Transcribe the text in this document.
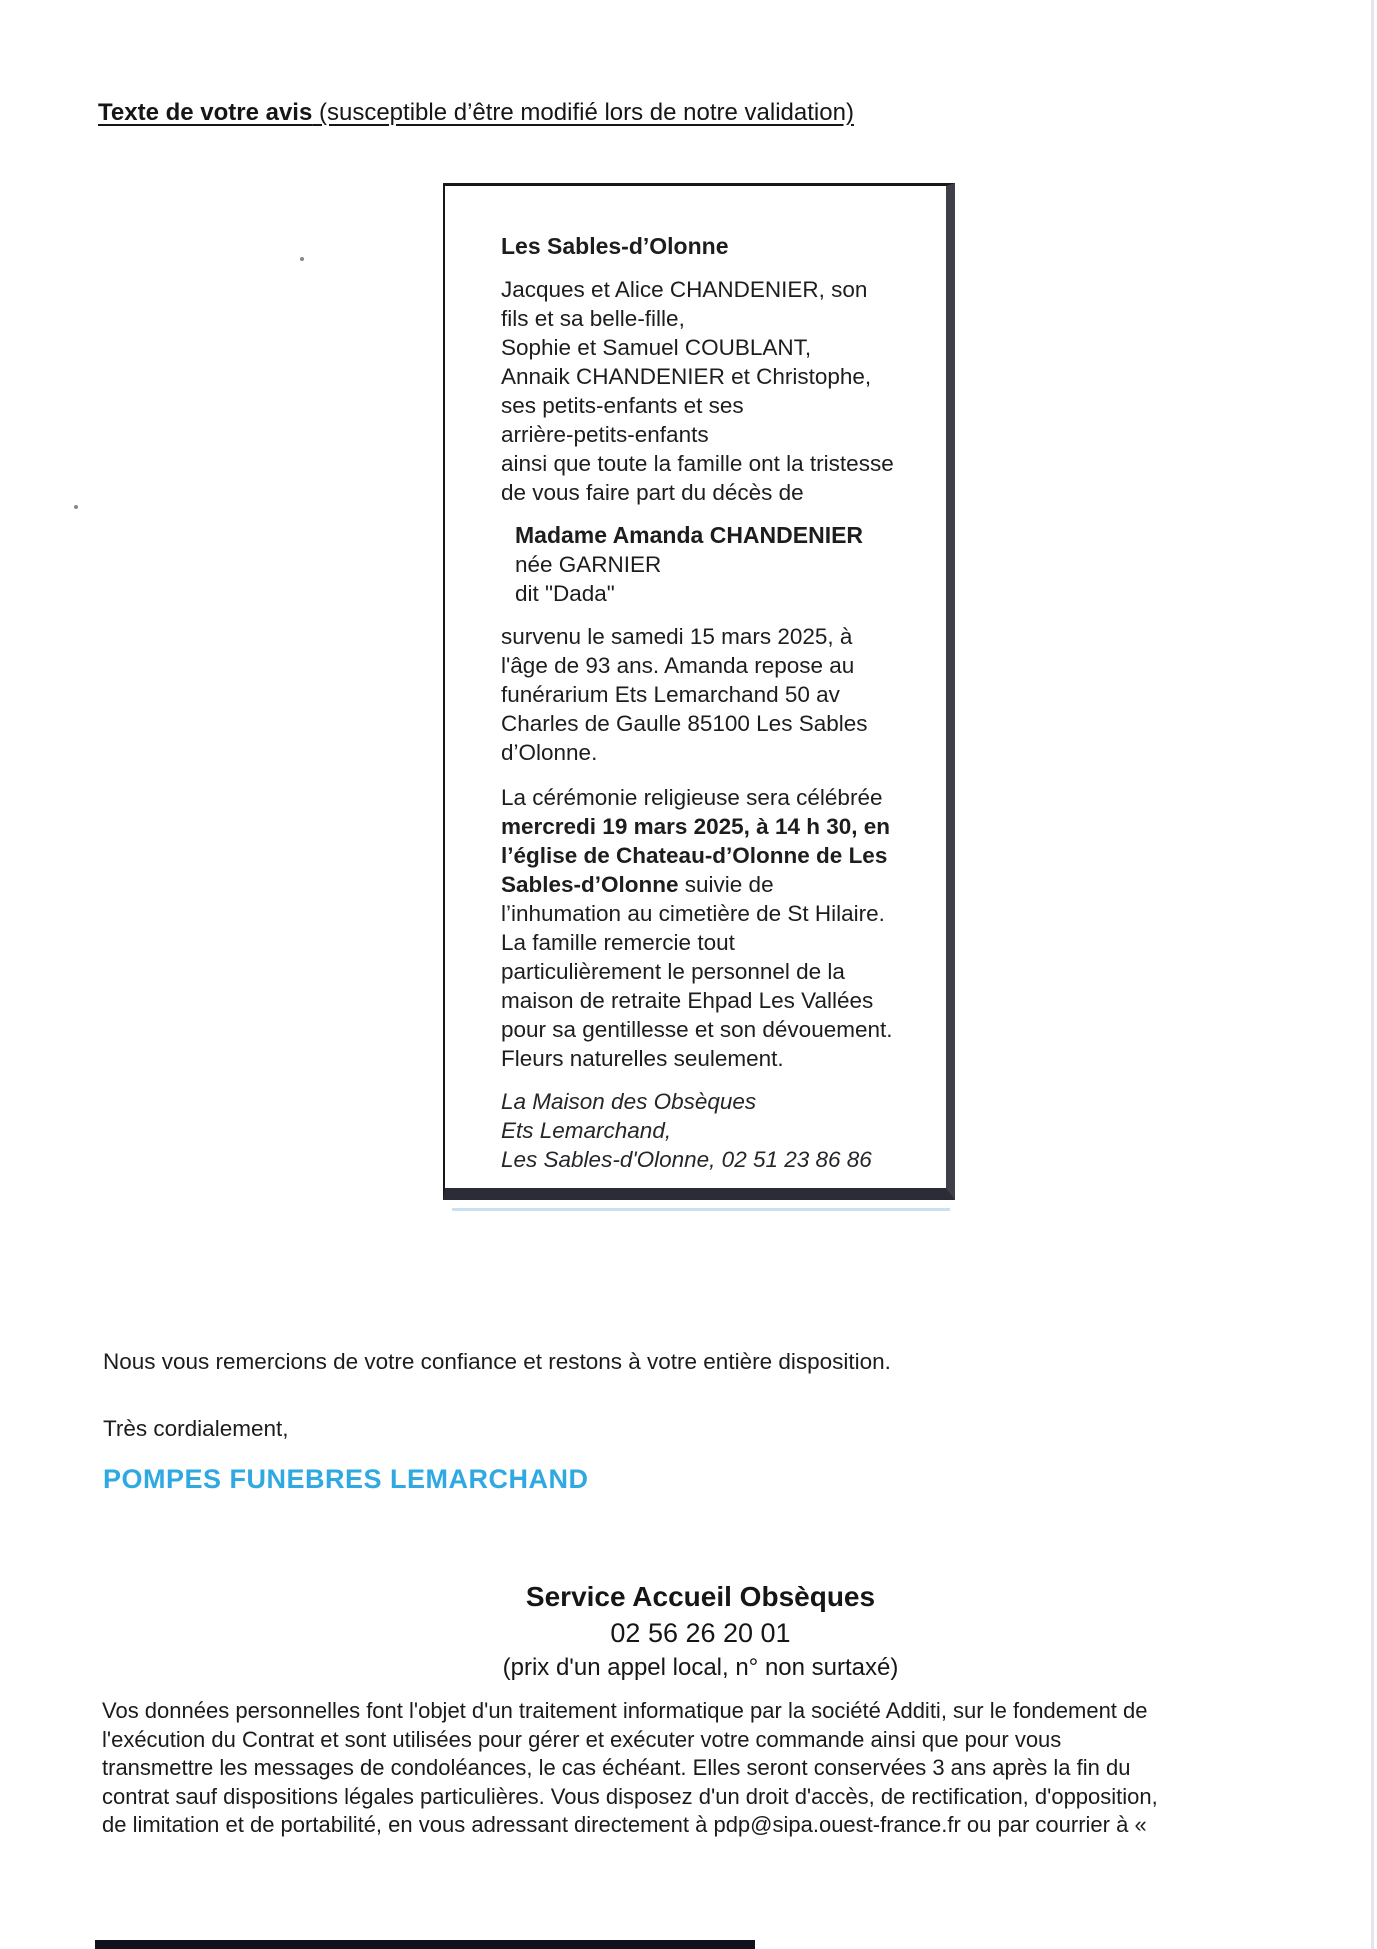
Texte de votre avis (susceptible d’être modifié lors de notre validation)
Les Sables-d’Olonne
Jacques et Alice CHANDENIER, son
fils et sa belle-fille,
Sophie et Samuel COUBLANT,
Annaik CHANDENIER et Christophe,
ses petits-enfants et ses
arrière-petits-enfants
ainsi que toute la famille ont la tristesse
de vous faire part du décès de
Madame Amanda CHANDENIER
née GARNIER
dit "Dada"
survenu le samedi 15 mars 2025, à
l'âge de 93 ans. Amanda repose au
funérarium Ets Lemarchand 50 av
Charles de Gaulle 85100 Les Sables
d’Olonne.
La cérémonie religieuse sera célébrée
mercredi 19 mars 2025, à 14 h 30, en
l’église de Chateau-d’Olonne de Les
Sables-d’Olonne suivie de
l’inhumation au cimetière de St Hilaire.
La famille remercie tout
particulièrement le personnel de la
maison de retraite Ehpad Les Vallées
pour sa gentillesse et son dévouement.
Fleurs naturelles seulement.
La Maison des Obsèques
Ets Lemarchand,
Les Sables-d'Olonne, 02 51 23 86 86
Nous vous remercions de votre confiance et restons à votre entière disposition.
Très cordialement,
POMPES FUNEBRES LEMARCHAND
Service Accueil Obsèques
02 56 26 20 01
(prix d'un appel local, n° non surtaxé)
Vos données personnelles font l'objet d'un traitement informatique par la société Additi, sur le fondement de
l'exécution du Contrat et sont utilisées pour gérer et exécuter votre commande ainsi que pour vous
transmettre les messages de condoléances, le cas échéant. Elles seront conservées 3 ans après la fin du
contrat sauf dispositions légales particulières. Vous disposez d'un droit d'accès, de rectification, d'opposition,
de limitation et de portabilité, en vous adressant directement à pdp@sipa.ouest-france.fr ou par courrier à «
